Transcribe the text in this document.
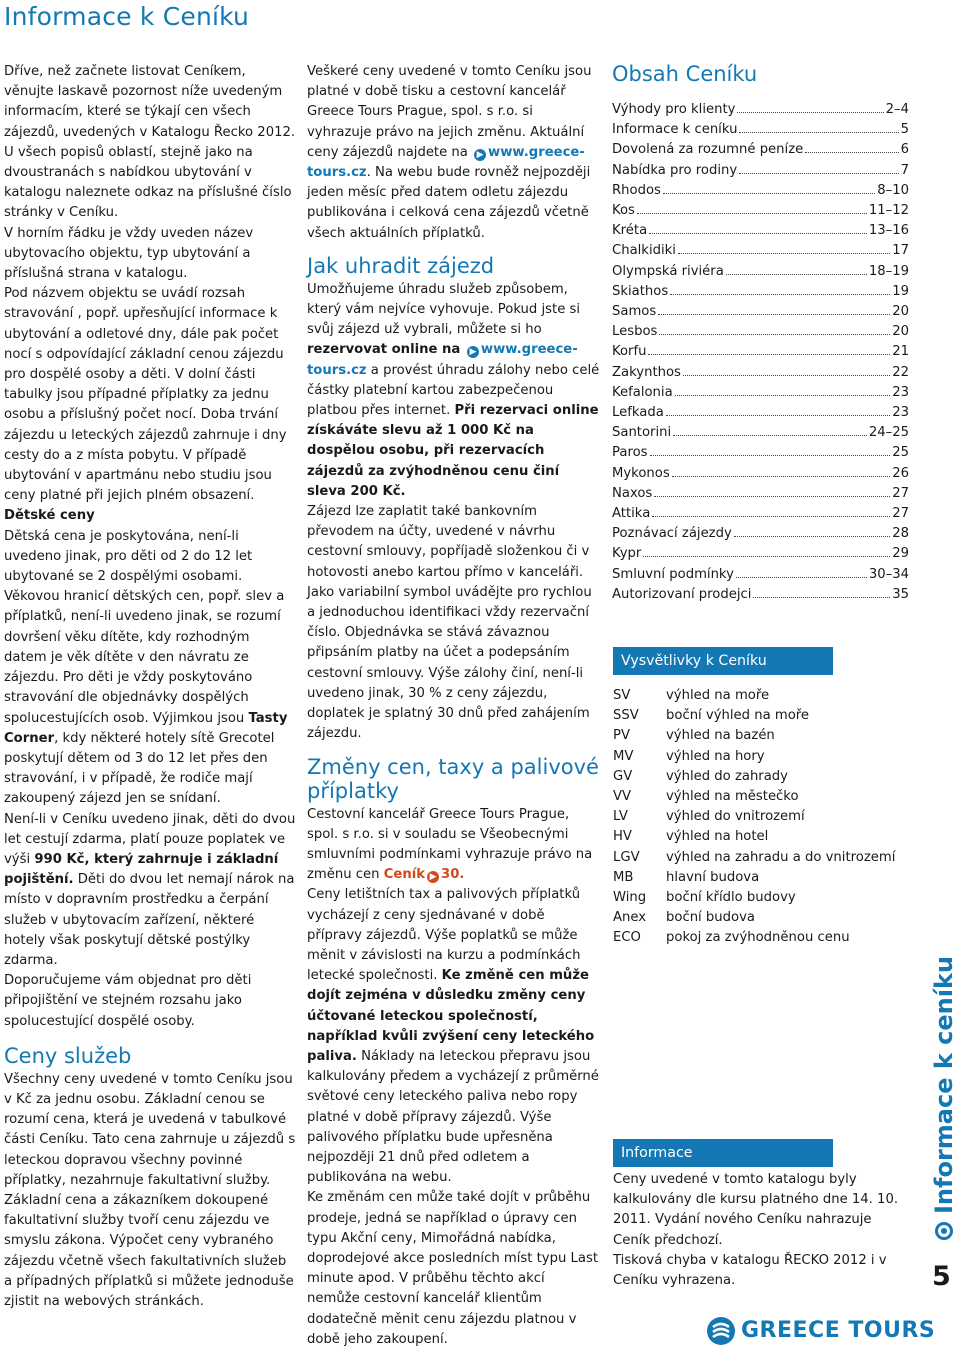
Informace k Ceníku

Dříve, než začnete listovat Ceníkem, věnujte laskavě pozornost níže uvedeným informacím, které se týkají cen všech zájezdů, uvedených v Katalogu Řecko 2012. U všech popisů oblastí, stejně jako na dvoustranách s nabídkou ubytování v katalogu naleznete odkaz na příslušné číslo stránky v Ceníku.

V horním řádku je vždy uveden název ubytovacího objektu, typ ubytování a příslušná strana v katalogu.

Pod názvem objektu se uvádí rozsah stravování , popř. upřesňující informace k ubytování a odletové dny, dále pak počet nocí s odpovídající základní cenou zájezdu pro dospělé osoby a děti. V dolní části tabulky jsou případné příplatky za jednu osobu a příslušný počet nocí. Doba trvání zájezdu u leteckých zájezdů zahrnuje i dny cesty do a z místa pobytu. V případě ubytování v apartmánu nebo studiu jsou ceny platné při jejich plném obsazení.

Dětské ceny

Dětská cena je poskytována, není-li uvedeno jinak, pro děti od 2 do 12 let ubytované se 2 dospělými osobami. Věkovou hranicí dětských cen, popř. slev a příplatků, není-li uvedeno jinak, se rozumí dovršení věku dítěte, kdy rozhodným datem je věk dítěte v den návratu ze zájezdu. Pro děti je vždy poskytováno stravování dle objednávky dospělých spolucestujících osob. Výjimkou jsou Tasty Corner, kdy některé hotely sítě Grecotel poskytují dětem od 3 do 12 let přes den stravování, i v případě, že rodiče mají zakoupený zájezd jen se snídaní.

Není-li v Ceníku uvedeno jinak, děti do dvou let cestují zdarma, platí pouze poplatek ve výši 990 Kč, který zahrnuje i základní pojištění. Děti do dvou let nemají nárok na místo v dopravním prostředku a čerpání služeb v ubytovacím zařízení, některé hotely však poskytují dětské postýlky zdarma.

Doporučujeme vám objednat pro děti připojištění ve stejném rozsahu jako spolucestující dospělé osoby.

Ceny služeb

Všechny ceny uvedené v tomto Ceníku jsou v Kč za jednu osobu. Základní cenou se rozumí cena, která je uvedená v tabulkové části Ceníku. Tato cena zahrnuje u zájezdů s leteckou dopravou všechny povinné příplatky, nezahrnuje fakultativní služby. Základní cena a zákazníkem dokoupené fakultativní služby tvoří cenu zájezdu ve smyslu zákona. Výpočet ceny vybraného zájezdu včetně všech fakultativních služeb a případných příplatků si můžete jednoduše zjistit na webových stránkách.

Veškeré ceny uvedené v tomto Ceníku jsou platné v době tisku a cestovní kancelář Greece Tours Prague, spol. s r.o. si vyhrazuje právo na jejich změnu. Aktuální ceny zájezdů najdete na ▶ www.greece-tours.cz. Na webu bude rovněž nejpozději jeden měsíc před datem odletu zájezdu publikována i celková cena zájezdů včetně všech aktuálních příplatků.

Jak uhradit zájezd

Umožňujeme úhradu služeb způsobem, který vám nejvíce vyhovuje. Pokud jste si svůj zájezd už vybrali, můžete si ho rezervovat online na ▶ www.greece-tours.cz a provést úhradu zálohy nebo celé částky platební kartou zabezpečenou platbou přes internet. Při rezervaci online získáváte slevu až 1 000 Kč na dospělou osobu, při rezervacích zájezdů za zvýhodněnou cenu činí sleva 200 Kč.

Zájezd lze zaplatit také bankovním převodem na účty, uvedené v návrhu cestovní smlouvy, popříjadě složenkou či v hotovosti anebo kartou přímo v kanceláři. Jako variabilní symbol uvádějte pro rychlou a jednoduchou identifikaci vždy rezervační číslo. Objednávka se stává závaznou připsáním platby na účet a podepsáním cestovní smlouvy. Výše zálohy činí, není-li uvedeno jinak, 30 % z ceny zájezdu, doplatek je splatný 30 dnů před zahájením zájezdu.

Změny cen, taxy a palivové příplatky

Cestovní kancelář Greece Tours Prague, spol. s r.o. si v souladu se Všeobecnými smluvními podmínkami vyhrazuje právo na změnu cen Ceník ▶ 30.

Ceny letištních tax a palivových příplatků vycházejí z ceny sjednávané v době přípravy zájezdů. Výše poplatků se může měnit v závislosti na kurzu a podmínkách letecké společnosti. Ke změně cen může dojít zejména v důsledku změny ceny účtované leteckou společností, například kvůli zvýšení ceny leteckého paliva. Náklady na leteckou přepravu jsou kalkulovány předem a vycházejí z průměrné světové ceny leteckého paliva nebo ropy platné v době přípravy zájezdů. Výše palivového příplatku bude upřesněna nejpozději 21 dnů před odletem a publikována na webu.

Ke změnám cen může také dojít v průběhu prodeje, jedná se například o úpravy cen typu Akční ceny, Mimořádná nabídka, doprodejové akce posledních míst typu Last minute apod. V průběhu těchto akcí nemůže cestovní kancelář klientům dodatečně měnit cenu zájezdu platnou v době jeho zakoupení.

Obsah Ceníku
Výhody pro klienty	2–4
Informace k ceníku	5
Dovolená za rozumné peníze	6
Nabídka pro rodiny	7
Rhodos	8–10
Kos	11–12
Kréta	13–16
Chalkidiki	17
Olympská riviéra	18–19
Skiathos	19
Samos	20
Lesbos	20
Korfu	21
Zakynthos	22
Kefalonia	23
Lefkada	23
Santorini	24–25
Paros	25
Mykonos	26
Naxos	27
Attika	27
Poznávací zájezdy	28
Kypr	29
Smluvní podmínky	30–34
Autorizovaní prodejci	35

Vysvětlivky k Ceníku

SV	výhled na moře
SSV	boční výhled na moře
PV	výhled na bazén
MV	výhled na hory
GV	výhled do zahrady
VV	výhled na městečko
LV	výhled do vnitrozemí
HV	výhled na hotel
LGV	výhled na zahradu a do vnitrozemí
MB	hlavní budova
Wing	boční křídlo budovy
Anex	boční budova
ECO	pokoj za zvýhodněnou cenu

Informace

Ceny uvedené v tomto katalogu byly kalkulovány dle kursu platného dne 14. 10. 2011. Vydání nového Ceníku nahrazuje Ceník předchozí.

Tisková chyba v katalogu ŘECKO 2012 i v Ceníku vyhrazena.

Informace k ceníku
5
GREECE TOURS
